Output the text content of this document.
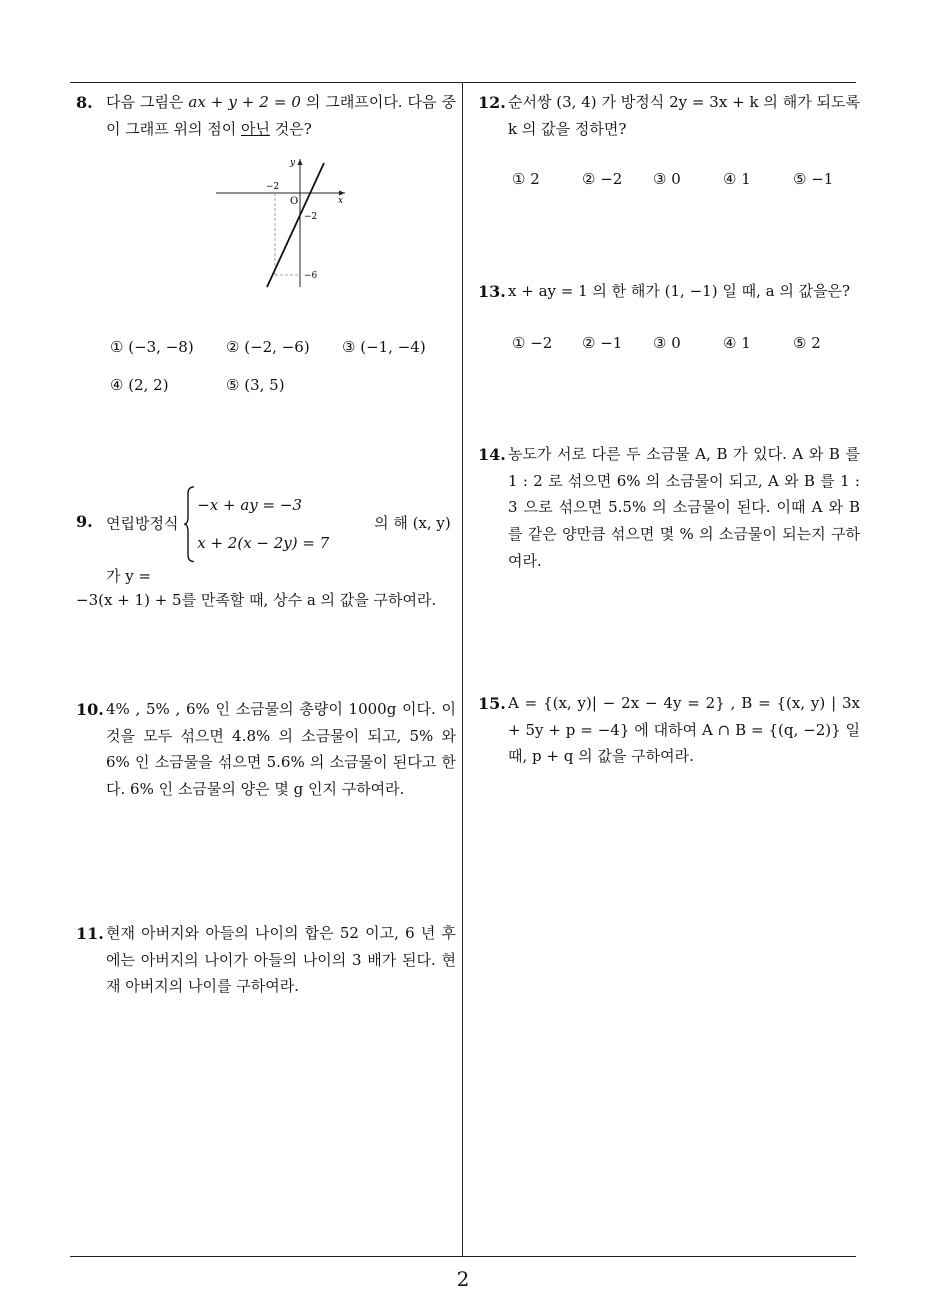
8. 다음 그림은 ax + y + 2 = 0 의 그래프이다. 다음 중 이 그래프 위의 점이 아닌 것은?
y
x
O
−2
−2
−6
① (−3, −8) ② (−2, −6) ③ (−1, −4)
④ (2, 2)	⑤ (3, 5)
9. 연립방정식
−x + ay = −3
x + 2(x − 2y) = 7
의 해 (x, y)가 y =
−3(x + 1) + 5를 만족할 때, 상수 a 의 값을 구하여라.
10. 4% , 5% , 6% 인 소금물의 총량이 1000g 이다. 이것을 모두 섞으면 4.8% 의 소금물이 되고, 5% 와 6% 인 소금물을 섞으면 5.6% 의 소금물이 된다고 한다. 6% 인 소금물의 양은 몇 g 인지 구하여라.
11. 현재 아버지와 아들의 나이의 합은 52 이고, 6 년 후에는 아버지의 나이가 아들의 나이의 3 배가 된다. 현재 아버지의 나이를 구하여라.
12. 순서쌍 (3, 4) 가 방정식 2y = 3x + k 의 해가 되도록 k 의 값을 정하면?
① 2	② −2 ③ 0	④ 1	⑤ −1
13. x + ay = 1 의 한 해가 (1, −1) 일 때, a 의 값을은?
① −2 ② −1 ③ 0	④ 1	⑤ 2
14. 농도가 서로 다른 두 소금물 A, B 가 있다. A 와 B 를 1 : 2 로 섞으면 6% 의 소금물이 되고, A 와 B 를 1 : 3 으로 섞으면 5.5% 의 소금물이 된다. 이때 A 와 B 를 같은 양만큼 섞으면 몇 % 의 소금물이 되는지 구하여라.
15. A = {(x, y)| − 2x − 4y = 2} , B = {(x, y) | 3x + 5y + p = −4} 에 대하여 A ∩ B = {(q, −2)} 일 때, p + q 의 값을 구하여라.
2
